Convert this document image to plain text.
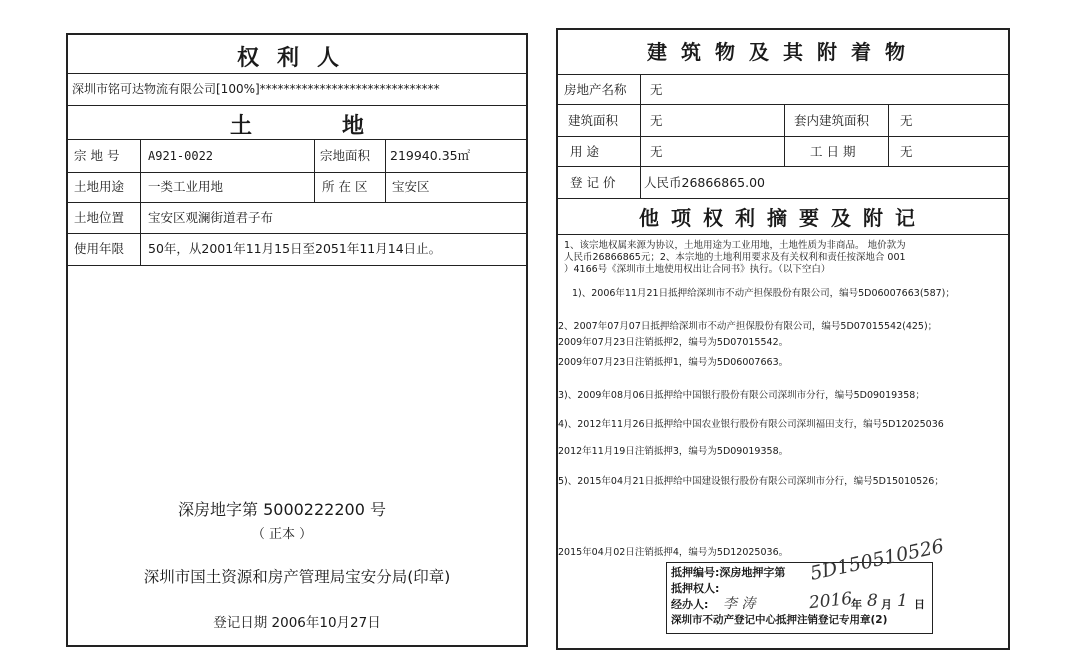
权利人
深圳市铭可达物流有限公司[100%]******************************
土地
宗 地 号 A921-0022	宗地面积 219940.35㎡
土地用途 一类工业用地	所 在 区 宝安区
土地位置 宝安区观澜街道君子布
使用年限 50年，从2001年11月15日至2051年11月14日止。
深房地字第 5000222200 号
（ 正本 ）
深圳市国土资源和房产管理局宝安分局(印章)
登记日期 2006年10月27日
建筑物及其附着物
房地产名称 无
建筑面积	无	套内建筑面积 无
用 途	无	工 日 期	无
登 记 价 人民币26866865.00
他项权利摘要及附记
1、该宗地权属来源为协议，土地用途为工业用地，土地性质为非商品。 地价款为
人民币26866865元；2、本宗地的土地利用要求及有关权利和责任按深地合 001
）4166号《深圳市土地使用权出让合同书》执行。（以下空白）
1)、2006年11月21日抵押给深圳市不动产担保股份有限公司，编号5D06007663(587)；
2、2007年07月07日抵押给深圳市不动产担保股份有限公司，编号5D07015542(425)；
2009年07月23日注销抵押2，编号为5D07015542。
2009年07月23日注销抵押1，编号为5D06007663。
3)、2009年08月06日抵押给中国银行股份有限公司深圳市分行，编号5D09019358；
4)、2012年11月26日抵押给中国农业银行股份有限公司深圳福田支行，编号5D12025036
2012年11月19日注销抵押3，编号为5D09019358。
5)、2015年04月21日抵押给中国建设银行股份有限公司深圳市分行，编号5D15010526；
2015年04月02日注销抵押4，编号为5D12025036。
抵押编号:深房地押字第 5D150510526
抵押权人:
经办人: 李 涛	2016
年 8 月 1 日
深圳市不动产登记中心抵押注销登记专用章(2)
